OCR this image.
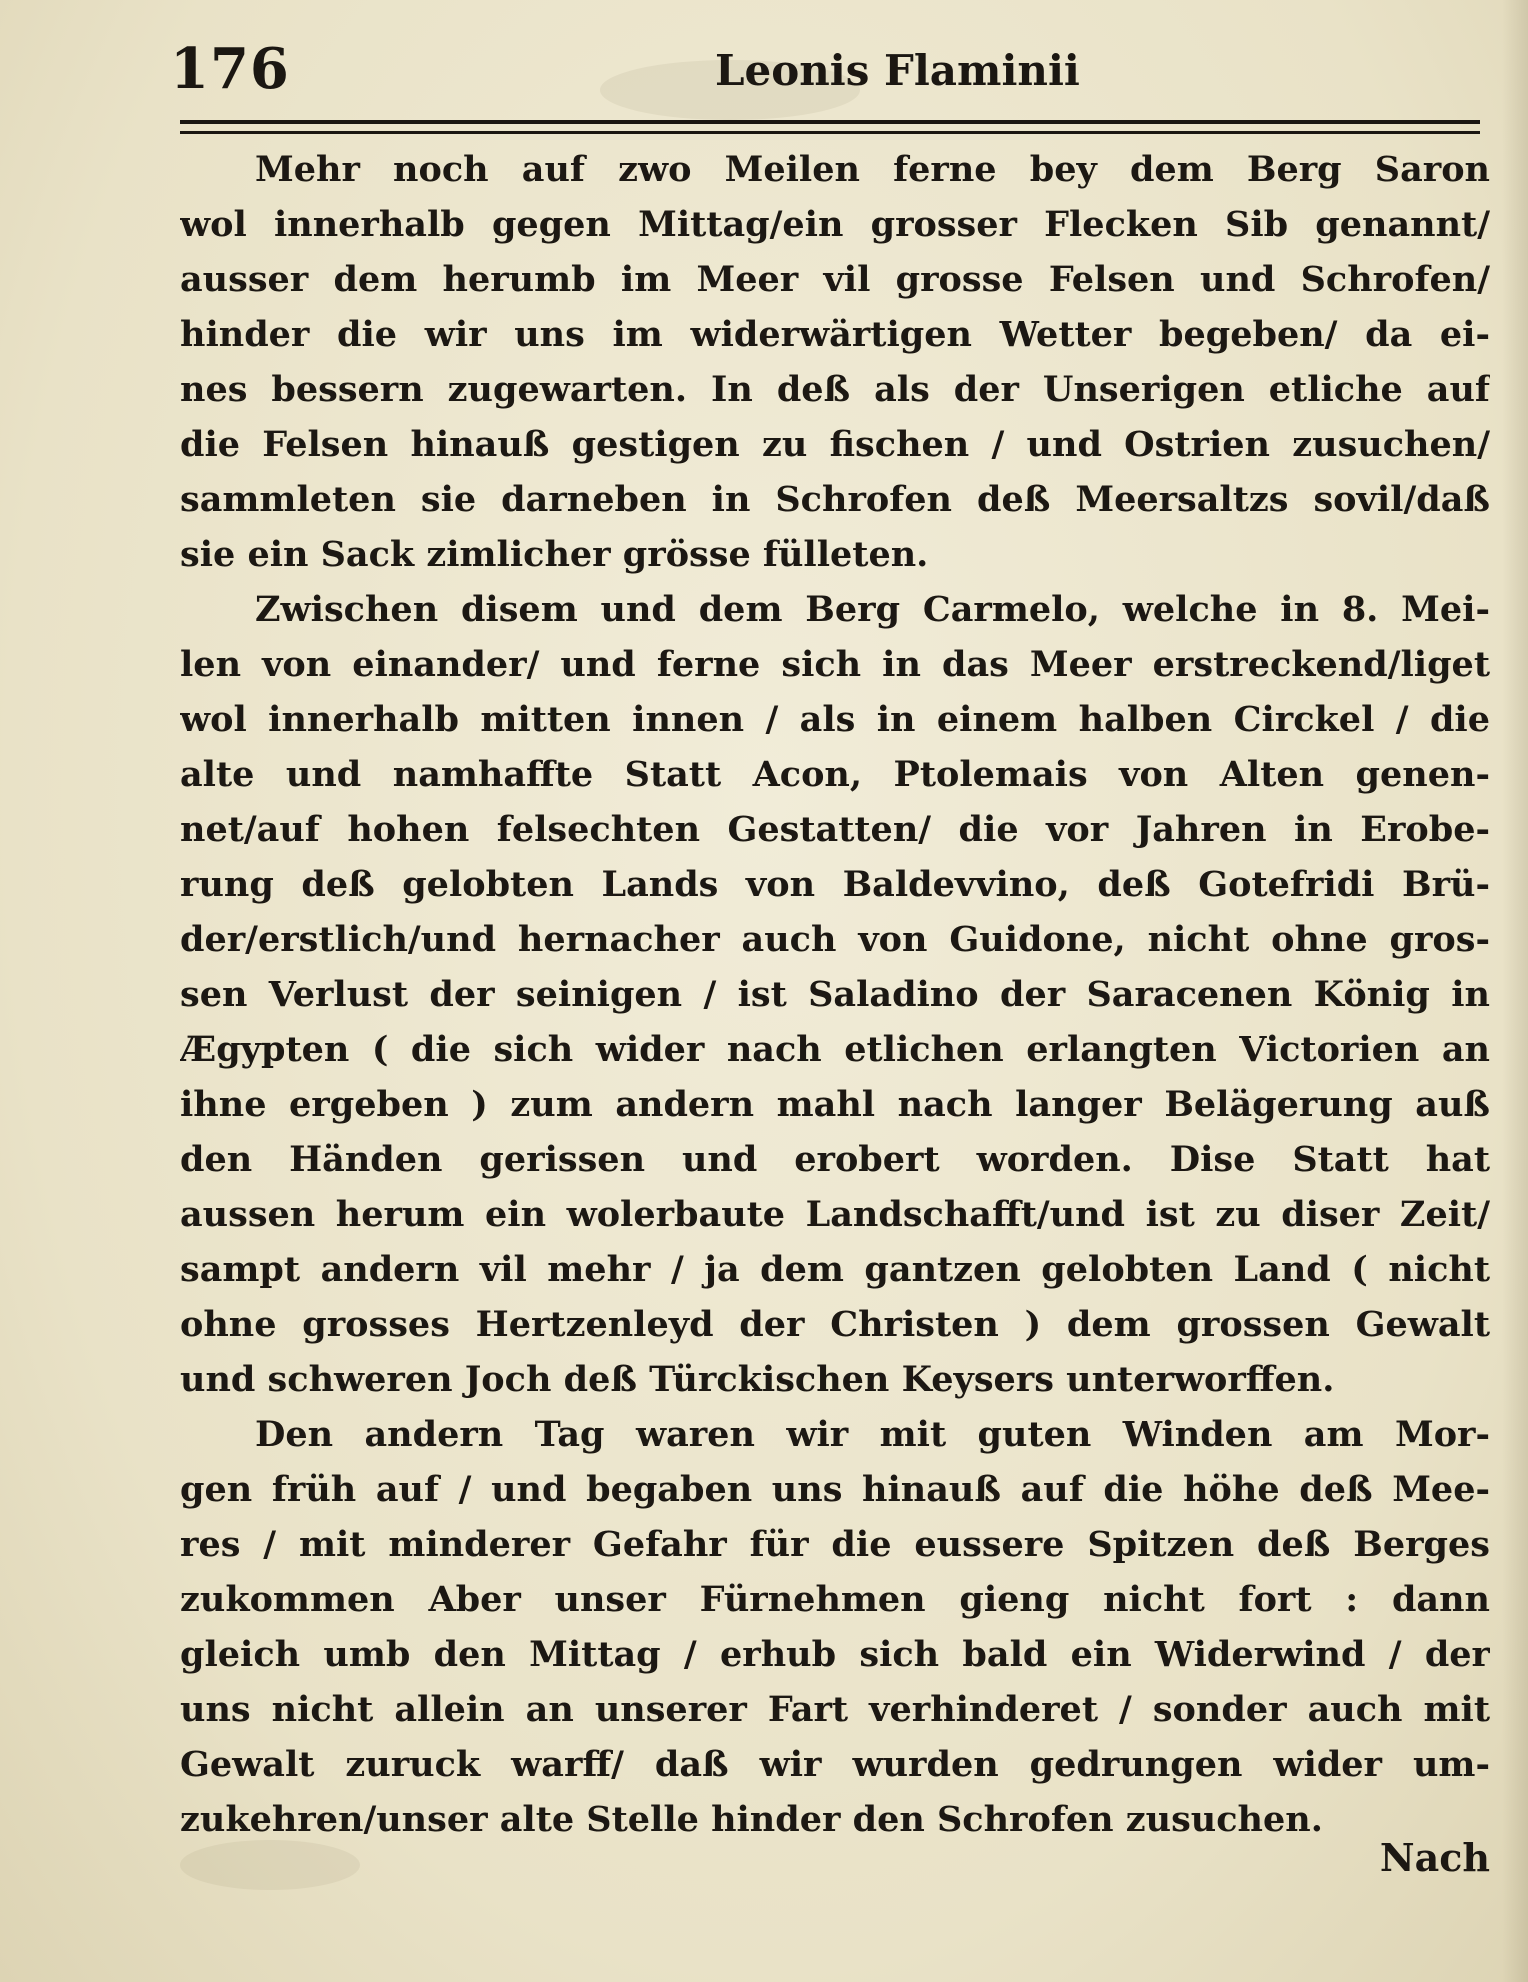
176	Leonis Flaminii
Mehr noch auf zwo Meilen ferne bey dem Berg Saron
wol innerhalb gegen Mittag/ein grosser Flecken Sib genannt/
ausser dem herumb im Meer vil grosse Felsen und Schrofen/
hinder die wir uns im widerwärtigen Wetter begeben/ da ei-
nes bessern zugewarten. In deß als der Unserigen etliche auf
die Felsen hinauß gestigen zu fischen / und Ostrien zusuchen/
sammleten sie darneben in Schrofen deß Meersaltzs sovil/daß
sie ein Sack zimlicher grösse fülleten.
Zwischen disem und dem Berg Carmelo, welche in 8. Mei-
len von einander/ und ferne sich in das Meer erstreckend/liget
wol innerhalb mitten innen / als in einem halben Circkel / die
alte und namhaffte Statt Acon, Ptolemais von Alten genen-
net/auf hohen felsechten Gestatten/ die vor Jahren in Erobe-
rung deß gelobten Lands von Baldevvino, deß Gotefridi Brü-
der/erstlich/und hernacher auch von Guidone, nicht ohne gros-
sen Verlust der seinigen / ist Saladino der Saracenen König in
Ægypten ( die sich wider nach etlichen erlangten Victorien an
ihne ergeben ) zum andern mahl nach langer Belägerung auß
den Händen gerissen und erobert worden. Dise Statt hat
aussen herum ein wolerbaute Landschafft/und ist zu diser Zeit/
sampt andern vil mehr / ja dem gantzen gelobten Land ( nicht
ohne grosses Hertzenleyd der Christen ) dem grossen Gewalt
und schweren Joch deß Türckischen Keysers unterworffen.
Den andern Tag waren wir mit guten Winden am Mor-
gen früh auf / und begaben uns hinauß auf die höhe deß Mee-
res / mit minderer Gefahr für die eussere Spitzen deß Berges
zukommen Aber unser Fürnehmen gieng nicht fort : dann
gleich umb den Mittag / erhub sich bald ein Widerwind / der
uns nicht allein an unserer Fart verhinderet / sonder auch mit
Gewalt zuruck warff/ daß wir wurden gedrungen wider um-
zukehren/unser alte Stelle hinder den Schrofen zusuchen.
Nach
